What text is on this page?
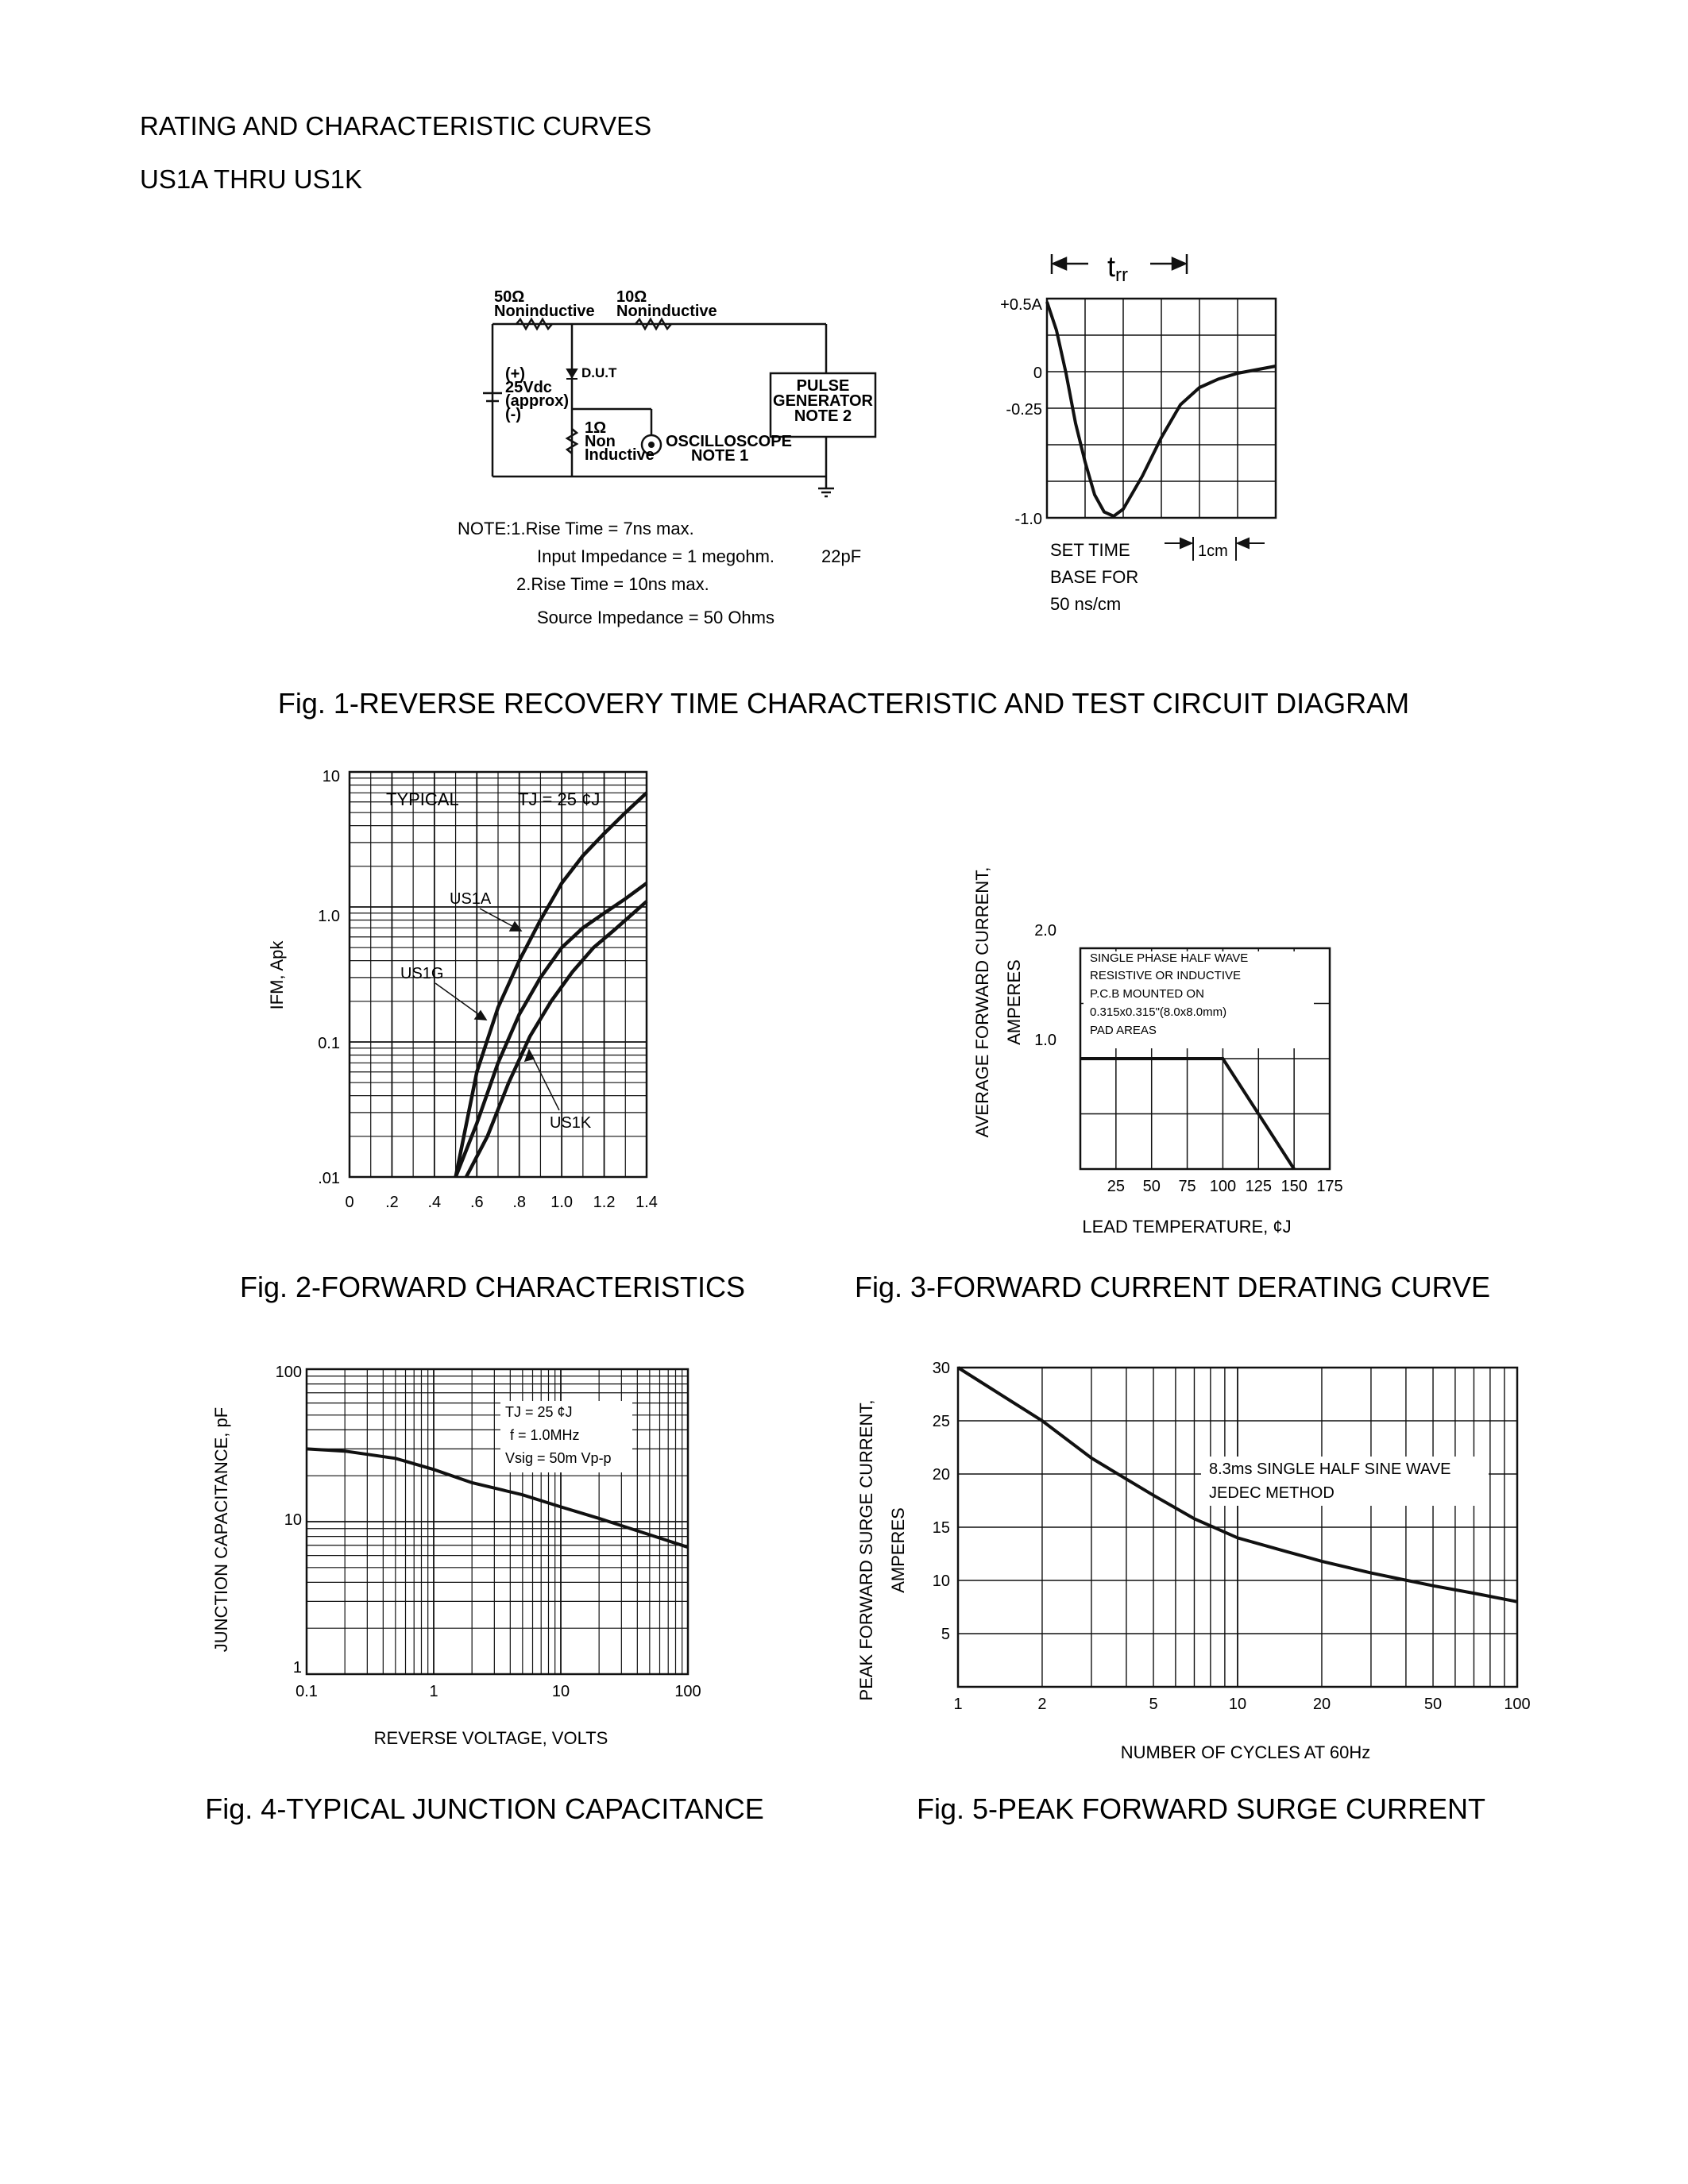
RATING AND CHARACTERISTIC CURVES
US1A THRU US1K
50Ω
Noninductive
10Ω
Noninductive
(+)
25Vdc
(approx)
(-)
D.U.T
1Ω
Non
Inductive
OSCILLOSCOPE
NOTE 1
PULSE
GENERATOR
NOTE 2
NOTE:1.Rise Time = 7ns max.
Input Impedance = 1 megohm.	22pF
2.Rise Time = 10ns max.
Source Impedance = 50 Ohms
trr
+0.5A
0
-0.25
-1.0
SET TIME
BASE FOR
50 ns/cm
1cm
Fig. 1-REVERSE RECOVERY TIME CHARACTERISTIC AND TEST CIRCUIT DIAGRAM
TYPICAL	TJ = 25 ¢J
US1A
US1G
US1K
IFM, Apk
10
1.0
0.1
.01
0 .2 .4 .6 .8 1.0 1.2 1.4
Fig. 2-FORWARD CHARACTERISTICS
SINGLE PHASE HALF WAVE
RESISTIVE OR INDUCTIVE
P.C.B MOUNTED ON
0.315x0.315"(8.0x8.0mm)
PAD AREAS
AVERAGE FORWARD CURRENT, AMPERES
2.0
1.0
25 50 75 100 125 150 175
LEAD TEMPERATURE, ¢J
Fig. 3-FORWARD CURRENT DERATING CURVE
TJ = 25 ¢J
f = 1.0MHz
Vsig = 50m Vp-p
JUNCTION CAPACITANCE, pF
100
10
1
0.1	1	10	100
REVERSE VOLTAGE, VOLTS
Fig. 4-TYPICAL JUNCTION CAPACITANCE
8.3ms SINGLE HALF SINE WAVE
JEDEC METHOD
PEAK FORWARD SURGE CURRENT, AMPERES
30
25
20
15
10
5
1	2	5	10	20	50	100
NUMBER OF CYCLES AT 60Hz
Fig. 5-PEAK FORWARD SURGE CURRENT
